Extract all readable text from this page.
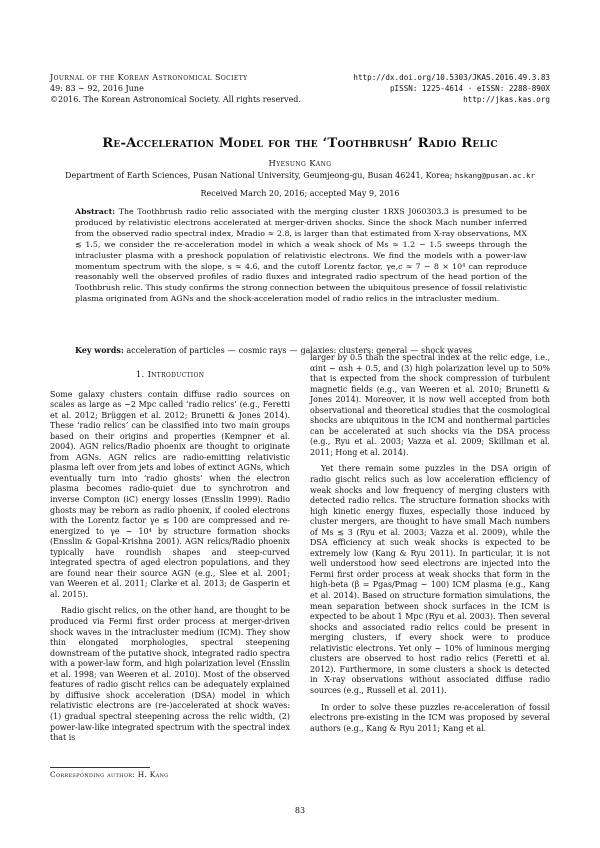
Journal of the Korean Astronomical Society
49: 83 ∼ 92, 2016 June
©2016. The Korean Astronomical Society. All rights reserved.
http://dx.doi.org/10.5303/JKAS.2016.49.3.83
pISSN: 1225-4614 · eISSN: 2288-890X
http://jkas.kas.org
Re-Acceleration Model for the ‘Toothbrush’ Radio Relic
Hyesung Kang
Department of Earth Sciences, Pusan National University, Geumjeong-gu, Busan 46241, Korea; hskang@pusan.ac.kr
Received March 20, 2016; accepted May 9, 2016
Abstract: The Toothbrush radio relic associated with the merging cluster 1RXS J060303.3 is presumed to be produced by relativistic electrons accelerated at merger-driven shocks. Since the shock Mach number inferred from the observed radio spectral index, Mradio ≈ 2.8, is larger than that estimated from X-ray observations, MX ≲ 1.5, we consider the re-acceleration model in which a weak shock of Ms ≈ 1.2 − 1.5 sweeps through the intracluster plasma with a preshock population of relativistic electrons. We find the models with a power-law momentum spectrum with the slope, s ≈ 4.6, and the cutoff Lorentz factor, γe,c ≈ 7 − 8 × 10⁴ can reproduce reasonably well the observed profiles of radio fluxes and integrated radio spectrum of the head portion of the Toothbrush relic. This study confirms the strong connection between the ubiquitous presence of fossil relativistic plasma originated from AGNs and the shock-acceleration model of radio relics in the intracluster medium.
Key words: acceleration of particles — cosmic rays — galaxies: clusters: general — shock waves
1. Introduction

Some galaxy clusters contain diffuse radio sources on scales as large as ∼2 Mpc called ‘radio relics’ (e.g., Feretti et al. 2012; Brüggen et al. 2012; Brunetti & Jones 2014). These ‘radio relics’ can be classified into two main groups based on their origins and properties (Kempner et al. 2004). AGN relics/Radio phoenix are thought to originate from AGNs. AGN relics are radio-emitting relativistic plasma left over from jets and lobes of extinct AGNs, which eventually turn into ‘radio ghosts’ when the electron plasma becomes radio-quiet due to synchrotron and inverse Compton (iC) energy losses (Ensslin 1999). Radio ghosts may be reborn as radio phoenix, if cooled electrons with the Lorentz factor γe ≲ 100 are compressed and re-energized to γe ∼ 10⁴ by structure formation shocks (Ensslin & Gopal-Krishna 2001). AGN relics/Radio phoenix typically have roundish shapes and steep-curved integrated spectra of aged electron populations, and they are found near their source AGN (e.g., Slee et al. 2001; van Weeren et al. 2011; Clarke et al. 2013; de Gasperin et al. 2015).

Radio gischt relics, on the other hand, are thought to be produced via Fermi first order process at merger-driven shock waves in the intracluster medium (ICM). They show thin elongated morphologies, spectral steepening downstream of the putative shock, integrated radio spectra with a power-law form, and high polarization level (Ensslin et al. 1998; van Weeren et al. 2010). Most of the observed features of radio gischt relics can be adequately explained by diffusive shock acceleration (DSA) model in which relativistic electrons are (re-)accelerated at shock waves: (1) gradual spectral steepening across the relic width, (2) power-law-like integrated spectrum with the spectral index that is

larger by 0.5 than the spectral index at the relic edge, i.e., αint ∼ αsh + 0.5, and (3) high polarization level up to 50% that is expected from the shock compression of turbulent magnetic fields (e.g., van Weeren et al. 2010; Brunetti & Jones 2014). Moreover, it is now well accepted from both observational and theoretical studies that the cosmological shocks are ubiquitous in the ICM and nonthermal particles can be accelerated at such shocks via the DSA process (e.g., Ryu et al. 2003; Vazza et al. 2009; Skillman et al. 2011; Hong et al. 2014).

Yet there remain some puzzles in the DSA origin of radio gischt relics such as low acceleration efficiency of weak shocks and low frequency of merging clusters with detected radio relics. The structure formation shocks with high kinetic energy fluxes, especially those induced by cluster mergers, are thought to have small Mach numbers of Ms ≲ 3 (Ryu et al. 2003; Vazza et al. 2009), while the DSA efficiency at such weak shocks is expected to be extremely low (Kang & Ryu 2011). In particular, it is not well understood how seed electrons are injected into the Fermi first order process at weak shocks that form in the high-beta (β = Pgas/Pmag ∼ 100) ICM plasma (e.g., Kang et al. 2014). Based on structure formation simulations, the mean separation between shock surfaces in the ICM is expected to be about 1 Mpc (Ryu et al. 2003). Then several shocks and associated radio relics could be present in merging clusters, if every shock were to produce relativistic electrons. Yet only ∼ 10% of luminous merging clusters are observed to host radio relics (Feretti et al. 2012). Furthermore, in some clusters a shock is detected in X-ray observations without associated diffuse radio sources (e.g., Russell et al. 2011).

In order to solve these puzzles re-acceleration of fossil electrons pre-existing in the ICM was proposed by several authors (e.g., Kang & Ryu 2011; Kang et al.

Corresponding author: H. Kang
83
